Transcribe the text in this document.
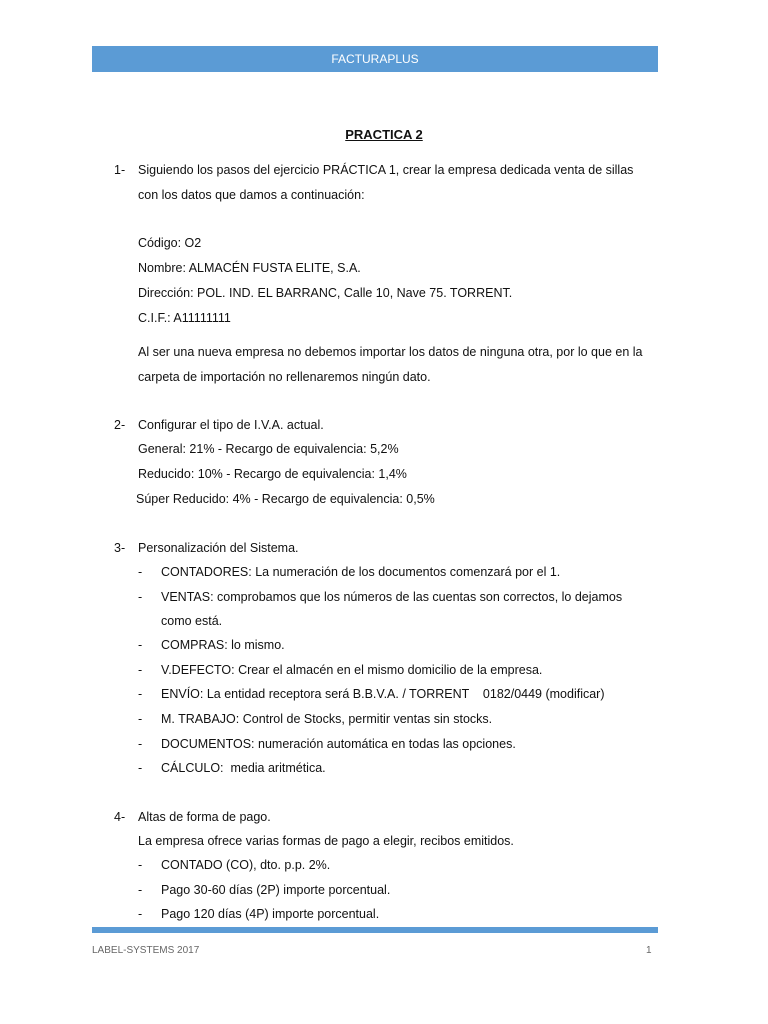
FACTURAPLUS
PRACTICA 2
1- Siguiendo los pasos del ejercicio PRÁCTICA 1, crear la empresa dedicada venta de sillas
con los datos que damos a continuación:
Código: O2
Nombre: ALMACÉN FUSTA ELITE, S.A.
Dirección: POL. IND. EL BARRANC, Calle 10, Nave 75. TORRENT.
C.I.F.: A11111111
Al ser una nueva empresa no debemos importar los datos de ninguna otra, por lo que en la
carpeta de importación no rellenaremos ningún dato.
2- Configurar el tipo de I.V.A. actual.
General: 21% - Recargo de equivalencia: 5,2%
Reducido: 10% - Recargo de equivalencia: 1,4%
Súper Reducido: 4% - Recargo de equivalencia: 0,5%
3- Personalización del Sistema.
- CONTADORES: La numeración de los documentos comenzará por el 1.
- VENTAS: comprobamos que los números de las cuentas son correctos, lo dejamos
como está.
- COMPRAS: lo mismo.
- V.DEFECTO: Crear el almacén en el mismo domicilio de la empresa.
- ENVÍO: La entidad receptora será B.B.V.A. / TORRENT    0182/0449 (modificar)
- M. TRABAJO: Control de Stocks, permitir ventas sin stocks.
- DOCUMENTOS: numeración automática en todas las opciones.
- CÁLCULO:  media aritmética.
4- Altas de forma de pago.
La empresa ofrece varias formas de pago a elegir, recibos emitidos.
- CONTADO (CO), dto. p.p. 2%.
- Pago 30-60 días (2P) importe porcentual.
- Pago 120 días (4P) importe porcentual.
LABEL-SYSTEMS 2017	1
